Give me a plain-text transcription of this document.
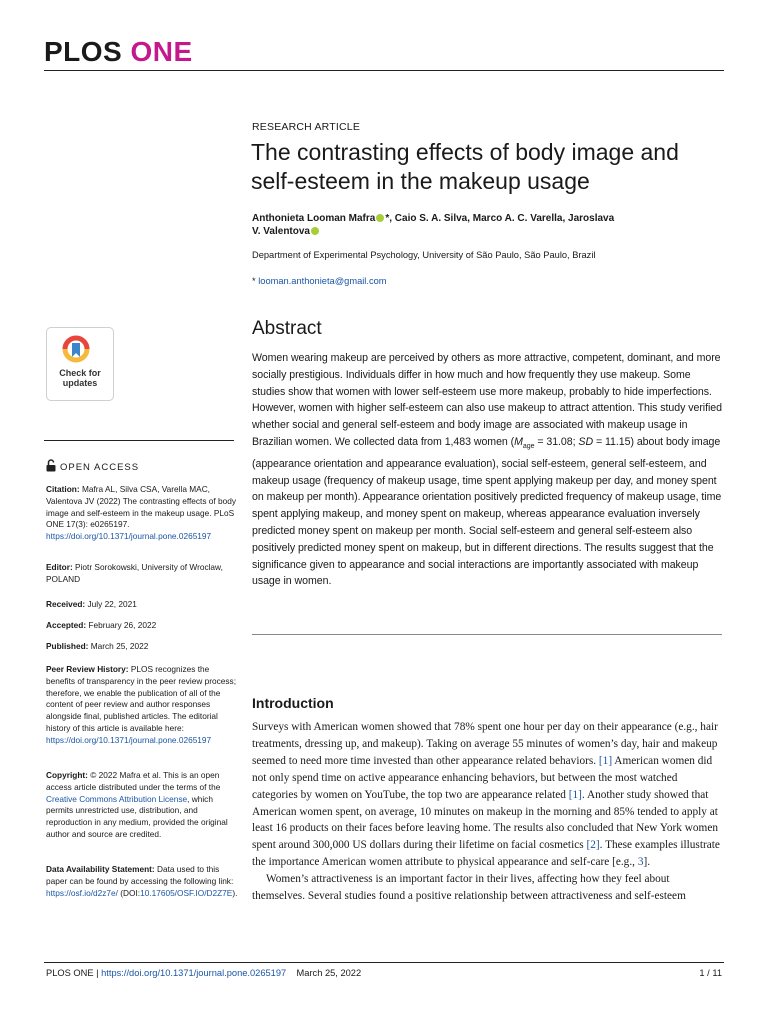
PLOS ONE
RESEARCH ARTICLE
The contrasting effects of body image and self-esteem in the makeup usage
Anthonieta Looman Mafra *, Caio S. A. Silva, Marco A. C. Varella, Jaroslava
V. Valentova
Department of Experimental Psychology, University of São Paulo, São Paulo, Brazil
* looman.anthonieta@gmail.com
Abstract
Women wearing makeup are perceived by others as more attractive, competent, dominant, and more socially prestigious. Individuals differ in how much and how frequently they use makeup. Some studies show that women with lower self-esteem use more makeup, probably to hide imperfections. However, women with higher self-esteem can also use makeup to attract attention. This study verified whether social and general self-esteem and body image are associated with makeup usage in Brazilian women. We collected data from 1,483 women ($M_{age} = 31.08$; SD = 11.15) about body image (appearance orientation and appearance evaluation), social self-esteem, general self-esteem, and makeup usage (frequency of makeup usage, time spent applying makeup per day, and money spent on makeup per month). Appearance orientation positively predicted frequency of makeup usage, time spent applying makeup, and money spent on makeup, whereas appearance evaluation inversely predicted money spent on makeup per month. Social self-esteem and general self-esteem also positively predicted money spent on makeup, but in different directions. The results suggest that the significance given to appearance and social interactions are importantly associated with makeup usage in women.
Introduction
Surveys with American women showed that 78% spent one hour per day on their appearance (e.g., hair treatments, dressing up, and makeup). Taking on average 55 minutes of women’s day, hair and makeup seemed to need more time invested than other appearance related behaviors. [1] American women did not only spend time on active appearance enhancing behaviors, but between the most watched categories by women on YouTube, the top two are appearance related [1]. Another study showed that American women spent, on average, 10 minutes on makeup in the morning and 85% tended to apply at least 16 products on their faces before leaving home. The results also concluded that New York women spent around 300,000 US dollars during their lifetime on facial cosmetics [2]. These examples illustrate the importance American women attribute to physical appearance and self-care [e.g., 3].
Women’s attractiveness is an important factor in their lives, affecting how they feel about themselves. Several studies found a positive relationship between attractiveness and self-esteem
Check for
updates
OPEN ACCESS
Citation: Mafra AL, Silva CSA, Varella MAC, Valentova JV (2022) The contrasting effects of body image and self-esteem in the makeup usage. PLoS ONE 17(3): e0265197. https://doi.org/10.1371/journal.pone.0265197
Editor: Piotr Sorokowski, University of Wroclaw, POLAND
Received: July 22, 2021
Accepted: February 26, 2022
Published: March 25, 2022
Peer Review History: PLOS recognizes the benefits of transparency in the peer review process; therefore, we enable the publication of all of the content of peer review and author responses alongside final, published articles. The editorial history of this article is available here: https://doi.org/10.1371/journal.pone.0265197
Copyright: © 2022 Mafra et al. This is an open access article distributed under the terms of the Creative Commons Attribution License, which permits unrestricted use, distribution, and reproduction in any medium, provided the original author and source are credited.
Data Availability Statement: Data used to this paper can be found by accessing the following link: https://osf.io/d2z7e/ (DOI:10.17605/OSF.IO/D2Z7E).
PLOS ONE | https://doi.org/10.1371/journal.pone.0265197 March 25, 2022	1 / 11
